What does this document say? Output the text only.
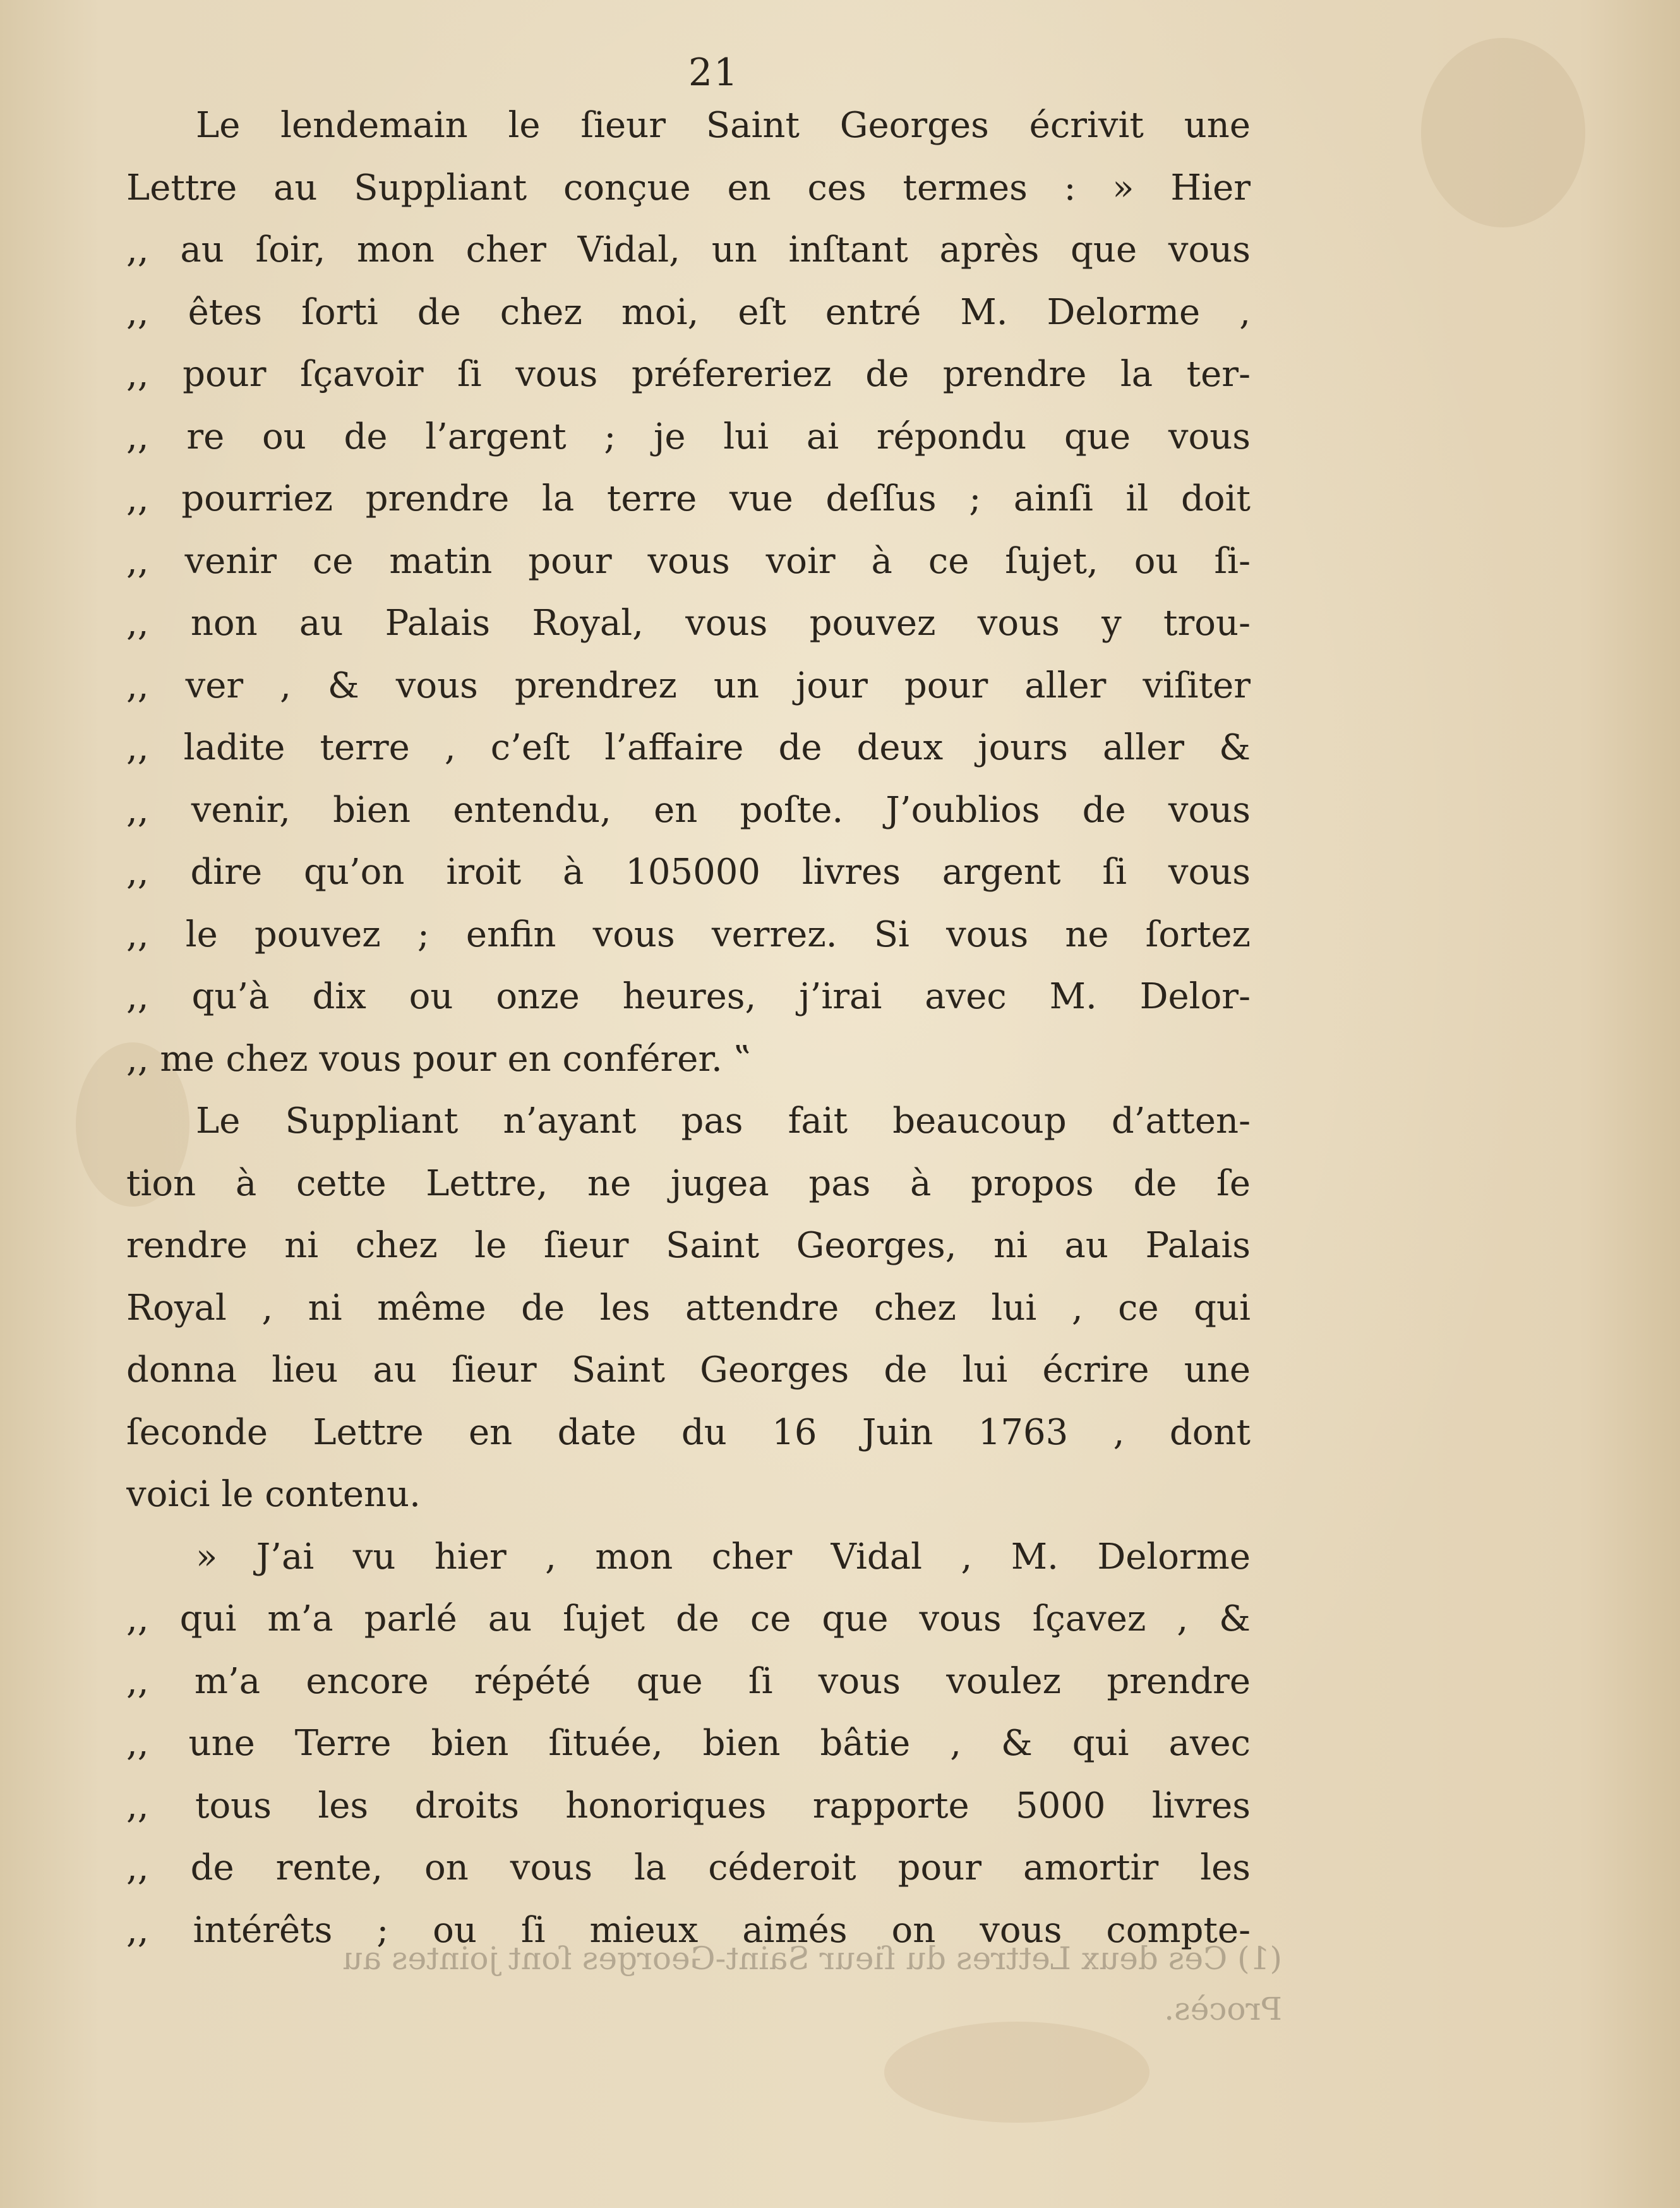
21
Le lendemain le ſieur Saint Georges écrivit une
Lettre au Suppliant conçue en ces termes : » Hier
,, au ſoir, mon cher Vidal, un inſtant après que vous
,, êtes ſorti de chez moi, eſt entré M. Delorme ,
,, pour ſçavoir ſi vous préfereriez de prendre la ter-
,, re ou de l’argent ; je lui ai répondu que vous
,, pourriez prendre la terre vue deſſus ; ainſi il doit
,, venir ce matin pour vous voir à ce ſujet, ou ſi-
,, non au Palais Royal, vous pouvez vous y trou-
,, ver , & vous prendrez un jour pour aller viſiter
,, ladite terre , c’eſt l’affaire de deux jours aller &
,, venir, bien entendu, en poſte. J’oublios de vous
,, dire qu’on iroit à 105000 livres argent ſi vous
,, le pouvez ; enfin vous verrez. Si vous ne ſortez
,, qu’à dix ou onze heures, j’irai avec M. Delor-
,, me chez vous pour en conférer. ‟
Le Suppliant n’ayant pas fait beaucoup d’atten-
tion à cette Lettre, ne jugea pas à propos de ſe
rendre ni chez le ſieur Saint Georges, ni au Palais
Royal , ni même de les attendre chez lui , ce qui
donna lieu au ſieur Saint Georges de lui écrire une
ſeconde Lettre en date du 16 Juin 1763 , dont
voici le contenu.
» J’ai vu hier , mon cher Vidal , M. Delorme
,, qui m’a parlé au ſujet de ce que vous ſçavez , &
,, m’a encore répété que ſi vous voulez prendre
,, une Terre bien ſituée, bien bâtie , & qui avec
,, tous les droits honoriques rapporte 5000 livres
,, de rente, on vous la céderoit pour amortir les
,, intérêts ; ou ſi mieux aimés on vous compte-
(1) Ces deux Lettres du ſieur Saint-Georges ſont jointes au
Procès.
